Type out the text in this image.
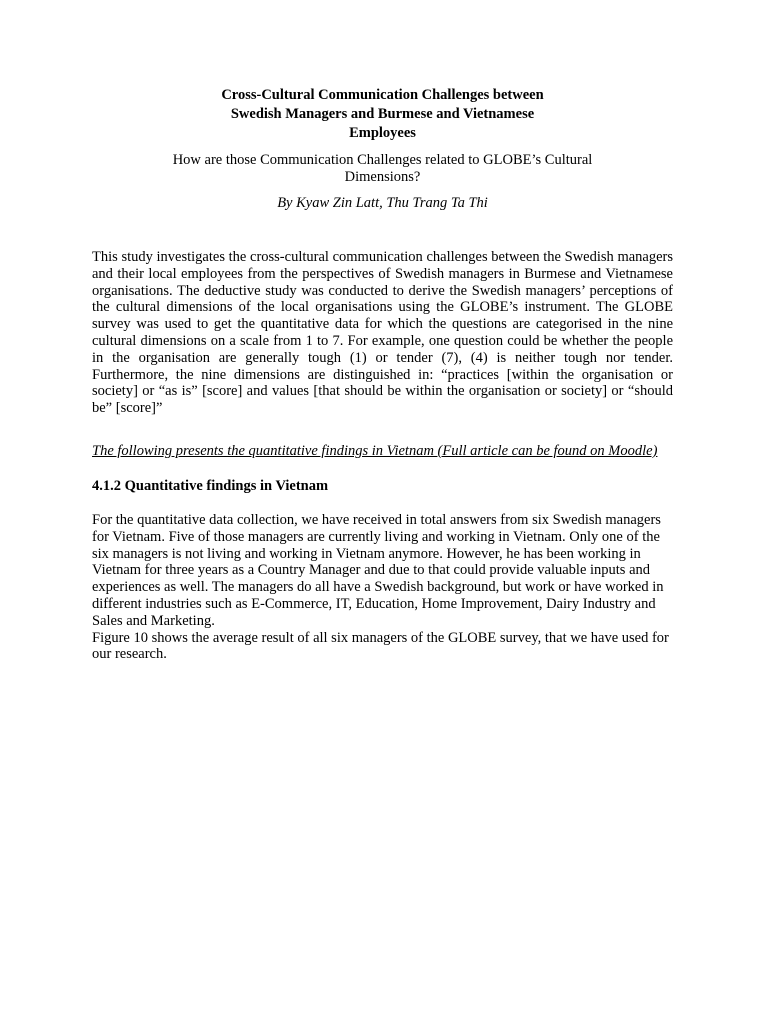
Cross-Cultural Communication Challenges between
Swedish Managers and Burmese and Vietnamese
Employees

How are those Communication Challenges related to GLOBE’s Cultural
Dimensions?

By Kyaw Zin Latt, Thu Trang Ta Thi

This study investigates the cross-cultural communication challenges between the Swedish managers and their local employees from the perspectives of Swedish managers in Burmese and Vietnamese organisations. The deductive study was conducted to derive the Swedish managers’ perceptions of the cultural dimensions of the local organisations using the GLOBE’s instrument. The GLOBE survey was used to get the quantitative data for which the questions are categorised in the nine cultural dimensions on a scale from 1 to 7. For example, one question could be whether the people in the organisation are generally tough (1) or tender (7), (4) is neither tough nor tender. Furthermore, the nine dimensions are distinguished in: “practices [within the organisation or society] or “as is” [score] and values [that should be within the organisation or society] or “should be” [score]”

The following presents the quantitative findings in Vietnam (Full article can be found on Moodle)

4.1.2 Quantitative findings in Vietnam

For the quantitative data collection, we have received in total answers from six Swedish managers for Vietnam. Five of those managers are currently living and working in Vietnam. Only one of the six managers is not living and working in Vietnam anymore. However, he has been working in Vietnam for three years as a Country Manager and due to that could provide valuable inputs and experiences as well. The managers do all have a Swedish background, but work or have worked in different industries such as E-Commerce, IT, Education, Home Improvement, Dairy Industry and Sales and Marketing.

Figure 10 shows the average result of all six managers of the GLOBE survey, that we have used for our research.
